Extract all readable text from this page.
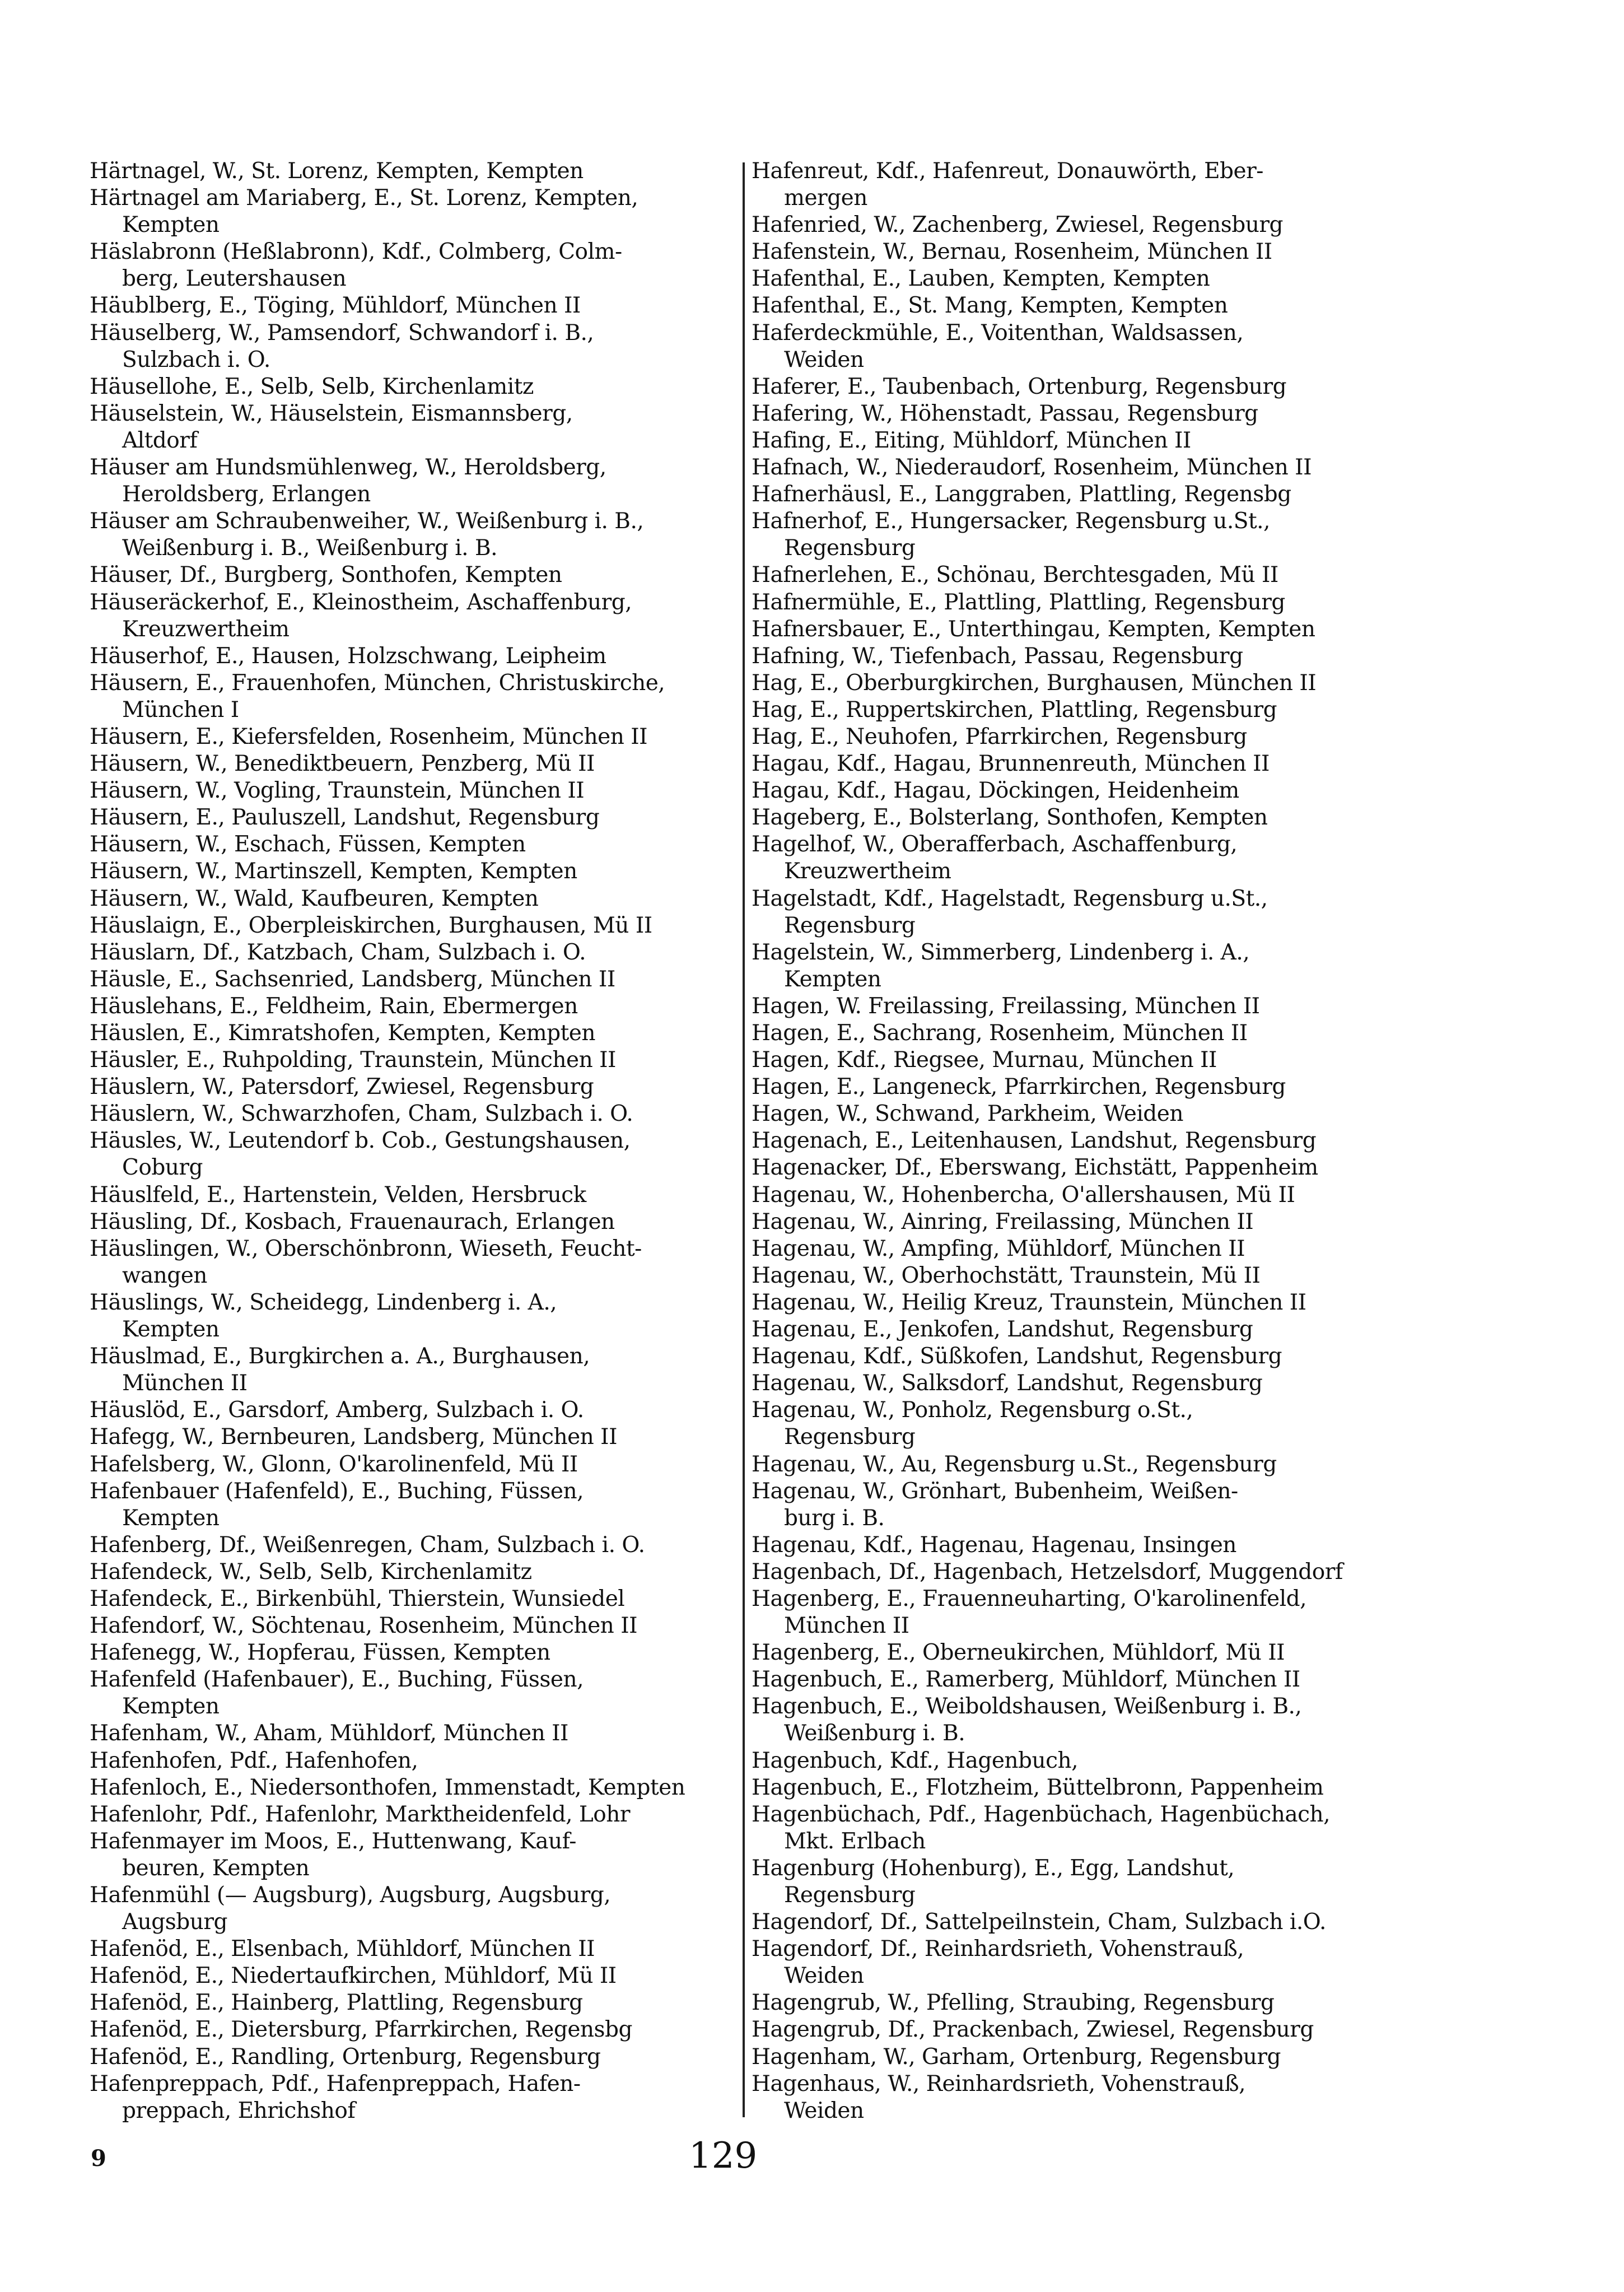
Härtnagel, W., St. Lorenz, Kempten, Kempten
Härtnagel am Mariaberg, E., St. Lorenz, Kempten,
Kempten
Häslabronn (Heßlabronn), Kdf., Colmberg, Colm-
berg, Leutershausen
Häublberg, E., Töging, Mühldorf, München II
Häuselberg, W., Pamsendorf, Schwandorf i. B.,
Sulzbach i. O.
Häusellohe, E., Selb, Selb, Kirchenlamitz
Häuselstein, W., Häuselstein, Eismannsberg,
Altdorf
Häuser am Hundsmühlenweg, W., Heroldsberg,
Heroldsberg, Erlangen
Häuser am Schraubenweiher, W., Weißenburg i. B.,
Weißenburg i. B., Weißenburg i. B.
Häuser, Df., Burgberg, Sonthofen, Kempten
Häuseräckerhof, E., Kleinostheim, Aschaffenburg,
Kreuzwertheim
Häuserhof, E., Hausen, Holzschwang, Leipheim
Häusern, E., Frauenhofen, München, Christuskirche,
München I
Häusern, E., Kiefersfelden, Rosenheim, München II
Häusern, W., Benediktbeuern, Penzberg, Mü II
Häusern, W., Vogling, Traunstein, München II
Häusern, E., Pauluszell, Landshut, Regensburg
Häusern, W., Eschach, Füssen, Kempten
Häusern, W., Martinszell, Kempten, Kempten
Häusern, W., Wald, Kaufbeuren, Kempten
Häuslaign, E., Oberpleiskirchen, Burghausen, Mü II
Häuslarn, Df., Katzbach, Cham, Sulzbach i. O.
Häusle, E., Sachsenried, Landsberg, München II
Häuslehans, E., Feldheim, Rain, Ebermergen
Häuslen, E., Kimratshofen, Kempten, Kempten
Häusler, E., Ruhpolding, Traunstein, München II
Häuslern, W., Patersdorf, Zwiesel, Regensburg
Häuslern, W., Schwarzhofen, Cham, Sulzbach i. O.
Häusles, W., Leutendorf b. Cob., Gestungshausen,
Coburg
Häuslfeld, E., Hartenstein, Velden, Hersbruck
Häusling, Df., Kosbach, Frauenaurach, Erlangen
Häuslingen, W., Oberschönbronn, Wieseth, Feucht-
wangen
Häuslings, W., Scheidegg, Lindenberg i. A.,
Kempten
Häuslmad, E., Burgkirchen a. A., Burghausen,
München II
Häuslöd, E., Garsdorf, Amberg, Sulzbach i. O.
Hafegg, W., Bernbeuren, Landsberg, München II
Hafelsberg, W., Glonn, O'karolinenfeld, Mü II
Hafenbauer (Hafenfeld), E., Buching, Füssen,
Kempten
Hafenberg, Df., Weißenregen, Cham, Sulzbach i. O.
Hafendeck, W., Selb, Selb, Kirchenlamitz
Hafendeck, E., Birkenbühl, Thierstein, Wunsiedel
Hafendorf, W., Söchtenau, Rosenheim, München II
Hafenegg, W., Hopferau, Füssen, Kempten
Hafenfeld (Hafenbauer), E., Buching, Füssen,
Kempten
Hafenham, W., Aham, Mühldorf, München II
Hafenhofen, Pdf., Hafenhofen,
Hafenloch, E., Niedersonthofen, Immenstadt, Kempten
Hafenlohr, Pdf., Hafenlohr, Marktheidenfeld, Lohr
Hafenmayer im Moos, E., Huttenwang, Kauf-
beuren, Kempten
Hafenmühl (— Augsburg), Augsburg, Augsburg,
Augsburg
Hafenöd, E., Elsenbach, Mühldorf, München II
Hafenöd, E., Niedertaufkirchen, Mühldorf, Mü II
Hafenöd, E., Hainberg, Plattling, Regensburg
Hafenöd, E., Dietersburg, Pfarrkirchen, Regensbg
Hafenöd, E., Randling, Ortenburg, Regensburg
Hafenpreppach, Pdf., Hafenpreppach, Hafen-
preppach, Ehrichshof
Hafenreut, Kdf., Hafenreut, Donauwörth, Eber-
mergen
Hafenried, W., Zachenberg, Zwiesel, Regensburg
Hafenstein, W., Bernau, Rosenheim, München II
Hafenthal, E., Lauben, Kempten, Kempten
Hafenthal, E., St. Mang, Kempten, Kempten
Haferdeckmühle, E., Voitenthan, Waldsassen,
Weiden
Haferer, E., Taubenbach, Ortenburg, Regensburg
Hafering, W., Höhenstadt, Passau, Regensburg
Hafing, E., Eiting, Mühldorf, München II
Hafnach, W., Niederaudorf, Rosenheim, München II
Hafnerhäusl, E., Langgraben, Plattling, Regensbg
Hafnerhof, E., Hungersacker, Regensburg u.St.,
Regensburg
Hafnerlehen, E., Schönau, Berchtesgaden, Mü II
Hafnermühle, E., Plattling, Plattling, Regensburg
Hafnersbauer, E., Unterthingau, Kempten, Kempten
Hafning, W., Tiefenbach, Passau, Regensburg
Hag, E., Oberburgkirchen, Burghausen, München II
Hag, E., Ruppertskirchen, Plattling, Regensburg
Hag, E., Neuhofen, Pfarrkirchen, Regensburg
Hagau, Kdf., Hagau, Brunnenreuth, München II
Hagau, Kdf., Hagau, Döckingen, Heidenheim
Hageberg, E., Bolsterlang, Sonthofen, Kempten
Hagelhof, W., Oberafferbach, Aschaffenburg,
Kreuzwertheim
Hagelstadt, Kdf., Hagelstadt, Regensburg u.St.,
Regensburg
Hagelstein, W., Simmerberg, Lindenberg i. A.,
Kempten
Hagen, W. Freilassing, Freilassing, München II
Hagen, E., Sachrang, Rosenheim, München II
Hagen, Kdf., Riegsee, Murnau, München II
Hagen, E., Langeneck, Pfarrkirchen, Regensburg
Hagen, W., Schwand, Parkheim, Weiden
Hagenach, E., Leitenhausen, Landshut, Regensburg
Hagenacker, Df., Eberswang, Eichstätt, Pappenheim
Hagenau, W., Hohenbercha, O'allershausen, Mü II
Hagenau, W., Ainring, Freilassing, München II
Hagenau, W., Ampfing, Mühldorf, München II
Hagenau, W., Oberhochstätt, Traunstein, Mü II
Hagenau, W., Heilig Kreuz, Traunstein, München II
Hagenau, E., Jenkofen, Landshut, Regensburg
Hagenau, Kdf., Süßkofen, Landshut, Regensburg
Hagenau, W., Salksdorf, Landshut, Regensburg
Hagenau, W., Ponholz, Regensburg o.St.,
Regensburg
Hagenau, W., Au, Regensburg u.St., Regensburg
Hagenau, W., Grönhart, Bubenheim, Weißen-
burg i. B.
Hagenau, Kdf., Hagenau, Hagenau, Insingen
Hagenbach, Df., Hagenbach, Hetzelsdorf, Muggendorf
Hagenberg, E., Frauenneuharting, O'karolinenfeld,
München II
Hagenberg, E., Oberneukirchen, Mühldorf, Mü II
Hagenbuch, E., Ramerberg, Mühldorf, München II
Hagenbuch, E., Weiboldshausen, Weißenburg i. B.,
Weißenburg i. B.
Hagenbuch, Kdf., Hagenbuch,
Hagenbuch, E., Flotzheim, Büttelbronn, Pappenheim
Hagenbüchach, Pdf., Hagenbüchach, Hagenbüchach,
Mkt. Erlbach
Hagenburg (Hohenburg), E., Egg, Landshut,
Regensburg
Hagendorf, Df., Sattelpeilnstein, Cham, Sulzbach i.O.
Hagendorf, Df., Reinhardsrieth, Vohenstrauß,
Weiden
Hagengrub, W., Pfelling, Straubing, Regensburg
Hagengrub, Df., Prackenbach, Zwiesel, Regensburg
Hagenham, W., Garham, Ortenburg, Regensburg
Hagenhaus, W., Reinhardsrieth, Vohenstrauß,
Weiden
9	129
